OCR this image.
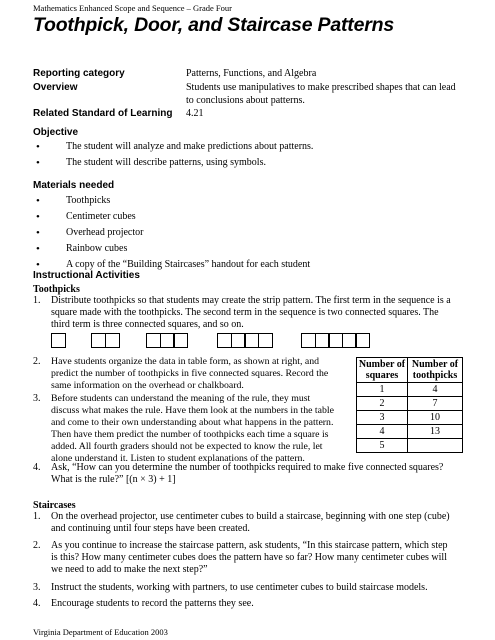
Mathematics Enhanced Scope and Sequence – Grade Four
Toothpick, Door, and Staircase Patterns
Reporting category	Patterns, Functions, and Algebra
Overview	Students use manipulatives to make prescribed shapes that can lead
to conclusions about patterns.
Related Standard of Learning 4.21
Objective
• The student will analyze and make predictions about patterns.
• The student will describe patterns, using symbols.
Materials needed
• Toothpicks
• Centimeter cubes
• Overhead projector
• Rainbow cubes
• A copy of the “Building Staircases” handout for each student
Instructional Activities
Toothpicks
1. Distribute toothpicks so that students may create the strip pattern. The first term in the sequence is a
square made with the toothpicks. The second term in the sequence is two connected squares. The
third term is three connected squares, and so on.
2. Have students organize the data in table form, as shown at right, and
predict the number of toothpicks in five connected squares. Record the
same information on the overhead or chalkboard.
3. Before students can understand the meaning of the rule, they must
discuss what makes the rule. Have them look at the numbers in the table
and come to their own understanding about what happens in the pattern.
Then have them predict the number of toothpicks each time a square is
added. All fourth graders should not be expected to know the rule, let
alone understand it. Listen to student explanations of the pattern.
Number of squares	Number of toothpicks
1	4
2	7
3	10
4	13
5	
4. Ask, “How can you determine the number of toothpicks required to make five connected squares?
What is the rule?” [(n × 3) + 1]
Staircases
1. On the overhead projector, use centimeter cubes to build a staircase, beginning with one step (cube)
and continuing until four steps have been created.
2. As you continue to increase the staircase pattern, ask students, “In this staircase pattern, which step
is this? How many centimeter cubes does the pattern have so far? How many centimeter cubes will
we need to add to make the next step?”
3. Instruct the students, working with partners, to use centimeter cubes to build staircase models.
4. Encourage students to record the patterns they see.
Virginia Department of Education 2003
